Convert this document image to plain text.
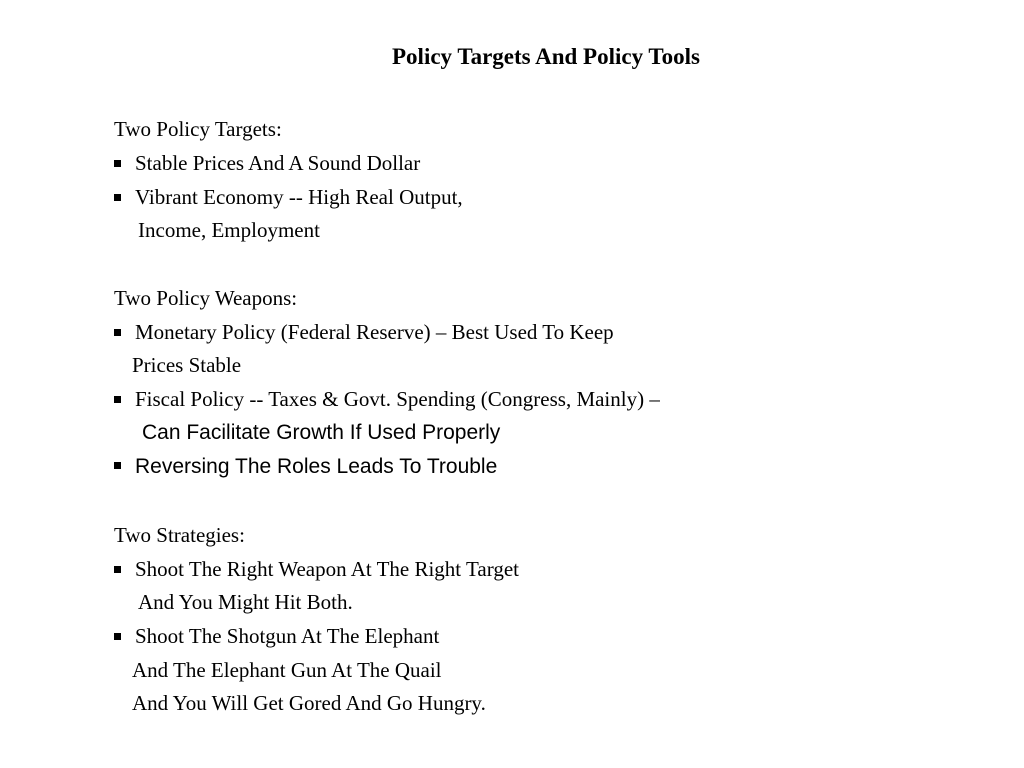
Policy Targets And Policy Tools
Two Policy Targets:
Stable Prices And A Sound Dollar
Vibrant Economy -- High Real Output,
Income, Employment
Two Policy Weapons:
Monetary Policy (Federal Reserve) – Best Used To Keep
Prices Stable
Fiscal Policy -- Taxes & Govt. Spending (Congress, Mainly) –
Can Facilitate Growth If Used Properly
Reversing The Roles Leads To Trouble
Two Strategies:
Shoot The Right Weapon At The Right Target
And You Might Hit Both.
Shoot The Shotgun At The Elephant
And The Elephant Gun At The Quail
And You Will Get Gored And Go Hungry.
